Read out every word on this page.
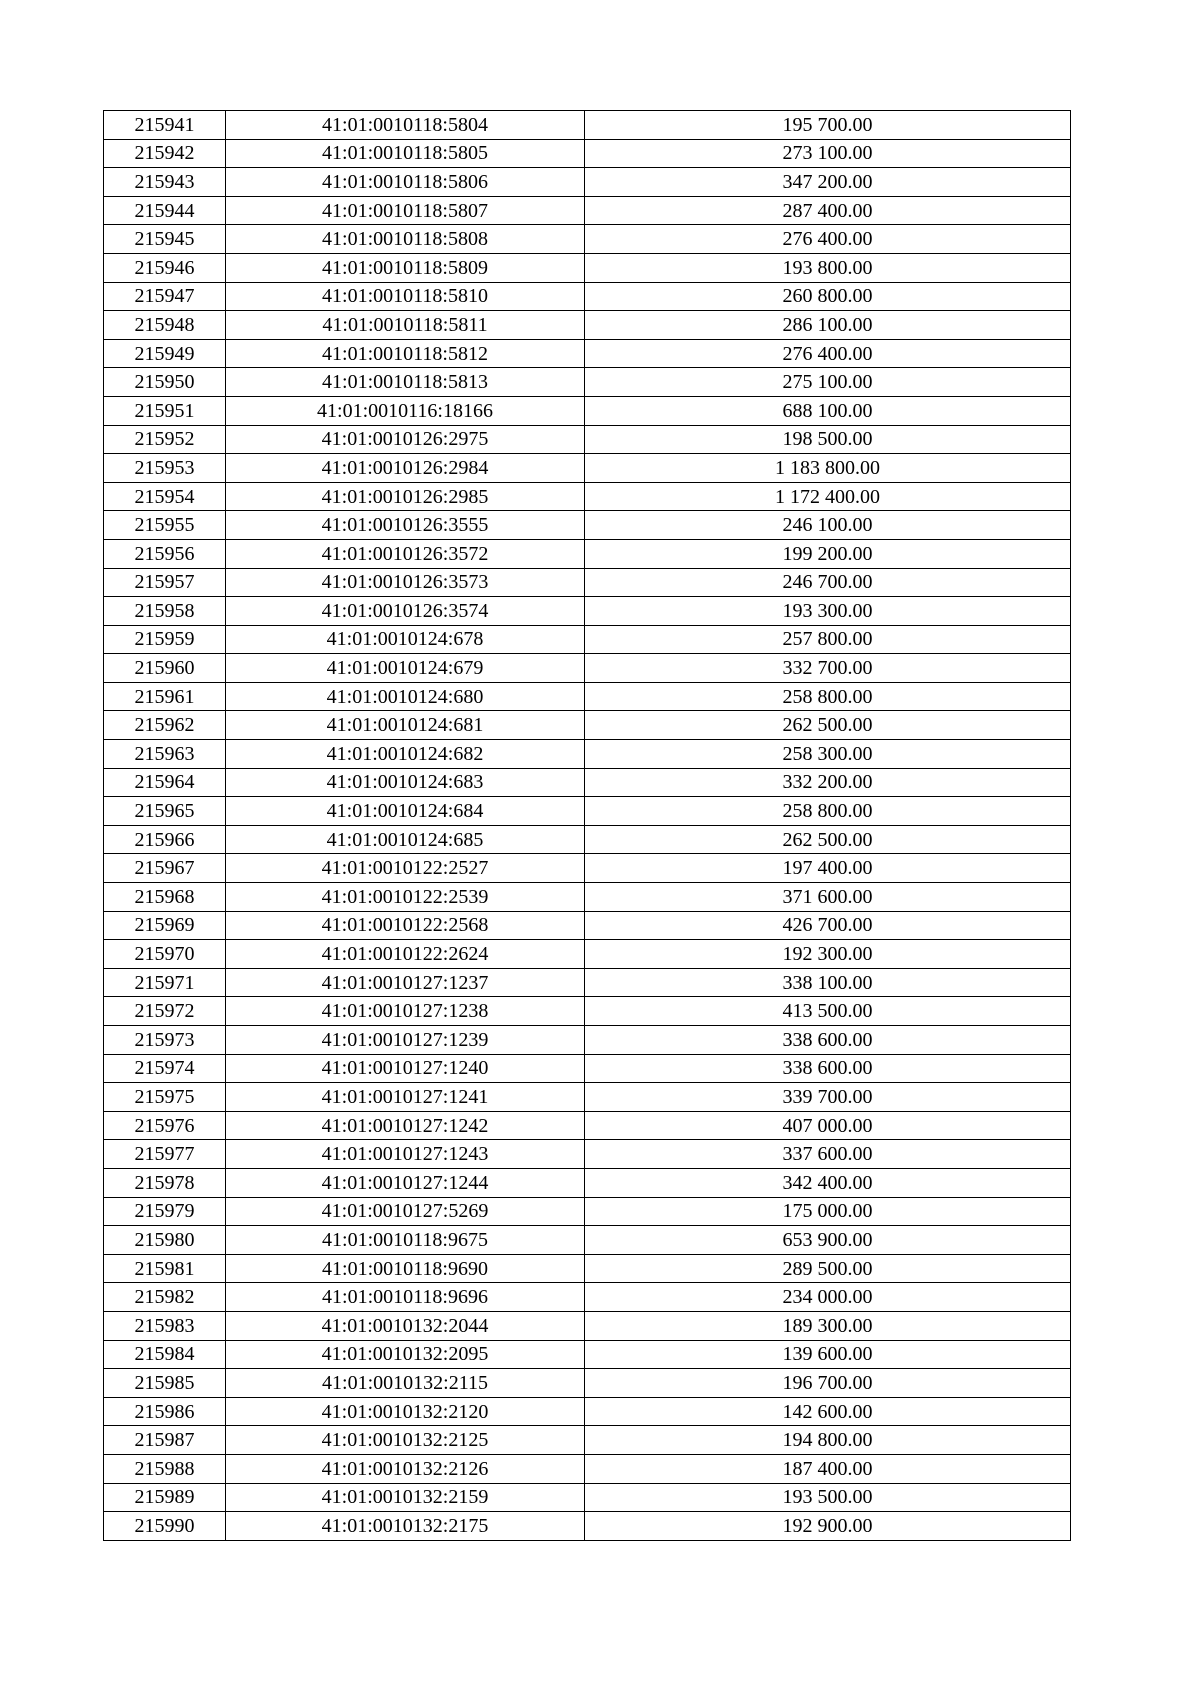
215941	41:01:0010118:5804	195 700.00
215942	41:01:0010118:5805	273 100.00
215943	41:01:0010118:5806	347 200.00
215944	41:01:0010118:5807	287 400.00
215945	41:01:0010118:5808	276 400.00
215946	41:01:0010118:5809	193 800.00
215947	41:01:0010118:5810	260 800.00
215948	41:01:0010118:5811	286 100.00
215949	41:01:0010118:5812	276 400.00
215950	41:01:0010118:5813	275 100.00
215951	41:01:0010116:18166	688 100.00
215952	41:01:0010126:2975	198 500.00
215953	41:01:0010126:2984	1 183 800.00
215954	41:01:0010126:2985	1 172 400.00
215955	41:01:0010126:3555	246 100.00
215956	41:01:0010126:3572	199 200.00
215957	41:01:0010126:3573	246 700.00
215958	41:01:0010126:3574	193 300.00
215959	41:01:0010124:678	257 800.00
215960	41:01:0010124:679	332 700.00
215961	41:01:0010124:680	258 800.00
215962	41:01:0010124:681	262 500.00
215963	41:01:0010124:682	258 300.00
215964	41:01:0010124:683	332 200.00
215965	41:01:0010124:684	258 800.00
215966	41:01:0010124:685	262 500.00
215967	41:01:0010122:2527	197 400.00
215968	41:01:0010122:2539	371 600.00
215969	41:01:0010122:2568	426 700.00
215970	41:01:0010122:2624	192 300.00
215971	41:01:0010127:1237	338 100.00
215972	41:01:0010127:1238	413 500.00
215973	41:01:0010127:1239	338 600.00
215974	41:01:0010127:1240	338 600.00
215975	41:01:0010127:1241	339 700.00
215976	41:01:0010127:1242	407 000.00
215977	41:01:0010127:1243	337 600.00
215978	41:01:0010127:1244	342 400.00
215979	41:01:0010127:5269	175 000.00
215980	41:01:0010118:9675	653 900.00
215981	41:01:0010118:9690	289 500.00
215982	41:01:0010118:9696	234 000.00
215983	41:01:0010132:2044	189 300.00
215984	41:01:0010132:2095	139 600.00
215985	41:01:0010132:2115	196 700.00
215986	41:01:0010132:2120	142 600.00
215987	41:01:0010132:2125	194 800.00
215988	41:01:0010132:2126	187 400.00
215989	41:01:0010132:2159	193 500.00
215990	41:01:0010132:2175	192 900.00
